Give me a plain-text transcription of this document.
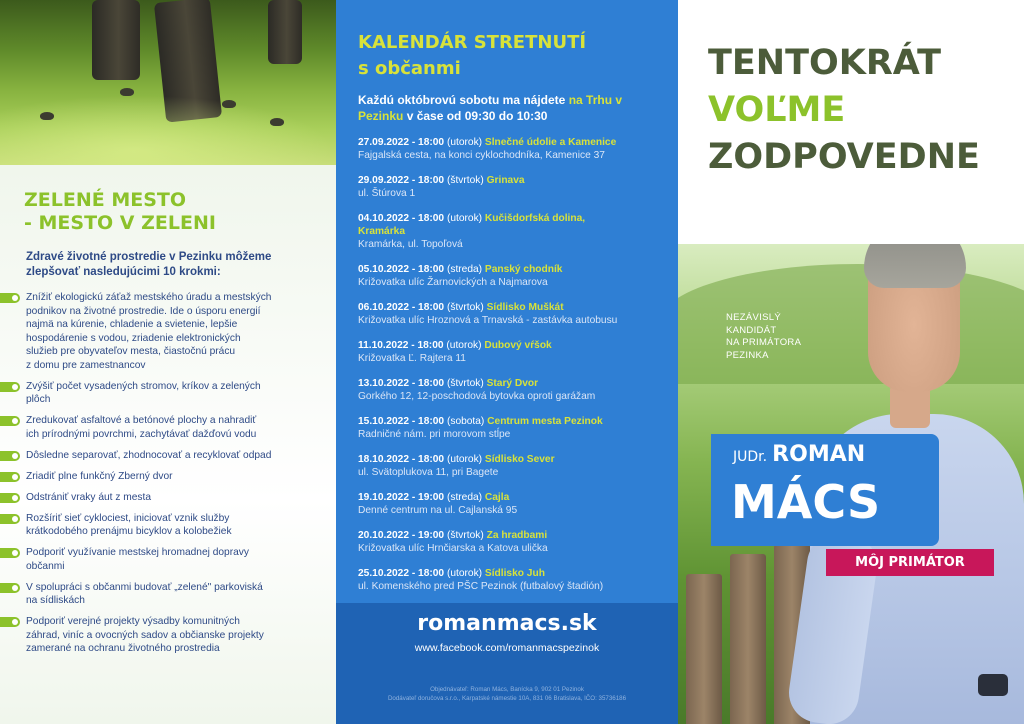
ZELENÉ MESTO
- MESTO V ZELENI

Zdravé životné prostredie v Pezinku môžeme zlepšovať nasledujúcimi 10 krokmi:

Znížiť ekologickú záťaž mestského úradu a mestských
podnikov na životné prostredie. Ide o úsporu energií
najmä na kúrenie, chladenie a svietenie, lepšie
hospodárenie s vodou, zriadenie elektronických
služieb pre obyvateľov mesta, čiastočnú prácu
z domu pre zamestnancov
Zvýšiť počet vysadených stromov, kríkov a zelených
plôch
Zredukovať asfaltové a betónové plochy a nahradiť
ich prírodnými povrchmi, zachytávať dažďovú vodu
Dôsledne separovať, zhodnocovať a recyklovať odpad
Zriadiť plne funkčný Zberný dvor
Odstrániť vraky áut z mesta
Rozšíriť sieť cyklociest, iniciovať vznik služby
krátkodobého prenájmu bicyklov a kolobežiek
Podporiť využívanie mestskej hromadnej dopravy
občanmi
V spolupráci s občanmi budovať „zelené" parkoviská
na sídliskách
Podporiť verejné projekty výsadby komunitných
záhrad, viníc a ovocných sadov a občianske projekty
zamerané na ochranu životného prostredia
KALENDÁR STRETNUTÍ
s občanmi

Každú októbrovú sobotu ma nájdete na Trhu v Pezinku v čase od 09:30 do 10:30

27.09.2022 - 18:00 (utorok) Slnečné údolie a Kamenice
Fajgalská cesta, na konci cyklochodníka, Kamenice 37
29.09.2022 - 18:00 (štvrtok) Grinava
ul. Štúrova 1
04.10.2022 - 18:00 (utorok) Kučišdorfská dolina,
Kramárka
Kramárka, ul. Topoľová
05.10.2022 - 18:00 (streda) Panský chodník
Križovatka ulíc Žarnovických a Najmarova
06.10.2022 - 18:00 (štvrtok) Sídlisko Muškát
Križovatka ulíc Hroznová a Trnavská - zastávka autobusu
11.10.2022 - 18:00 (utorok) Dubový vŕšok
Križovatka Ľ. Rajtera 11
13.10.2022 - 18:00 (štvrtok) Starý Dvor
Gorkého 12, 12-poschodová bytovka oproti garážam
15.10.2022 - 18:00 (sobota) Centrum mesta Pezinok
Radničné nám. pri morovom stĺpe
18.10.2022 - 18:00 (utorok) Sídlisko Sever
ul. Svätoplukova 11, pri Bagete
19.10.2022 - 19:00 (streda) Cajla
Denné centrum na ul. Cajlanská 95
20.10.2022 - 19:00 (štvrtok) Za hradbami
Križovatka ulíc Hrnčiarska a Katova ulička
25.10.2022 - 18:00 (utorok) Sídlisko Juh
ul. Komenského pred PŠC Pezinok (futbalový štadión)
romanmacs.sk
www.facebook.com/romanmacspezinok
Objednávateľ: Roman Mács, Banícka 9, 902 01 Pezinok
Dodávateľ doručova s.r.o., Karpatské námestie 10A, 831 06 Bratislava, IČO: 35736186
TENTOKRÁT
VOĽME
ZODPOVEDNE
NEZÁVISLÝ
KANDIDÁT
NA PRIMÁTORA
PEZINKA
JUDr. ROMAN
MÁCS
MÔJ PRIMÁTOR
